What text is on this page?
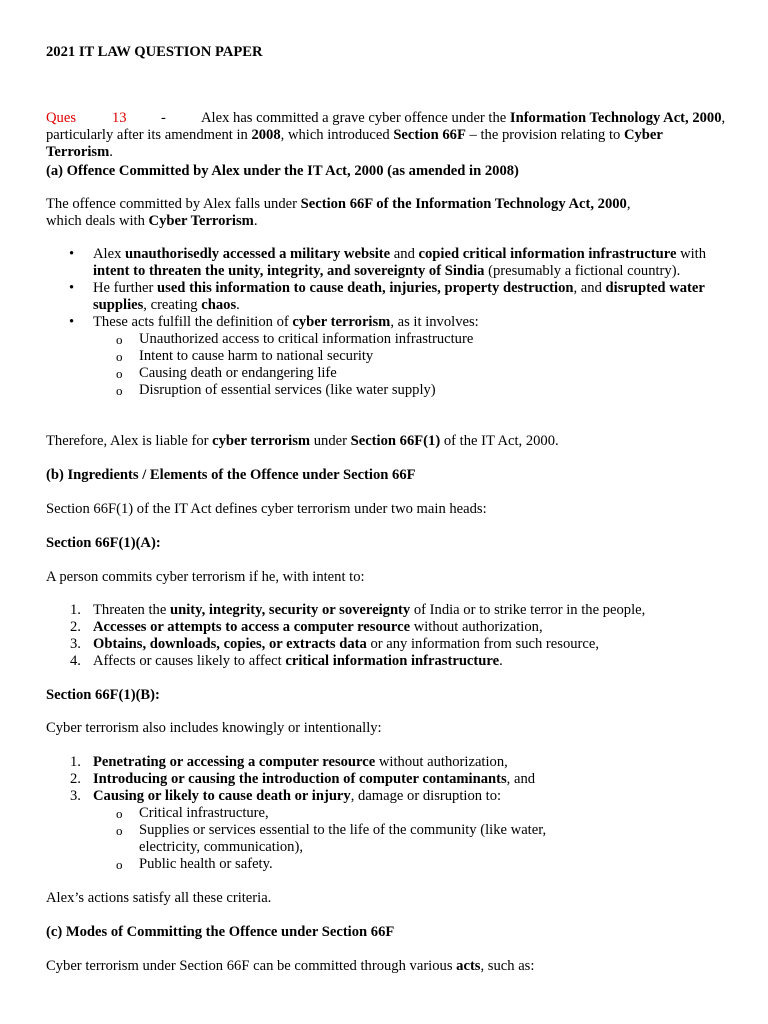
2021 IT LAW QUESTION PAPER

Ques 13 - Alex has committed a grave cyber offence under the Information Technology Act, 2000, particularly after its amendment in 2008, which introduced Section 66F – the provision relating to Cyber Terrorism.

(a) Offence Committed by Alex under the IT Act, 2000 (as amended in 2008)

The offence committed by Alex falls under Section 66F of the Information Technology Act, 2000, which deals with Cyber Terrorism.

• Alex unauthorisedly accessed a military website and copied critical information infrastructure with intent to threaten the unity, integrity, and sovereignty of Sindia (presumably a fictional country).
• He further used this information to cause death, injuries, property destruction, and disrupted water supplies, creating chaos.
• These acts fulfill the definition of cyber terrorism, as it involves:
o Unauthorized access to critical information infrastructure
o Intent to cause harm to national security
o Causing death or endangering life
o Disruption of essential services (like water supply)

Therefore, Alex is liable for cyber terrorism under Section 66F(1) of the IT Act, 2000.

(b) Ingredients / Elements of the Offence under Section 66F

Section 66F(1) of the IT Act defines cyber terrorism under two main heads:

Section 66F(1)(A):

A person commits cyber terrorism if he, with intent to:

1. Threaten the unity, integrity, security or sovereignty of India or to strike terror in the people,
2. Accesses or attempts to access a computer resource without authorization,
3. Obtains, downloads, copies, or extracts data or any information from such resource,
4. Affects or causes likely to affect critical information infrastructure.

Section 66F(1)(B):

Cyber terrorism also includes knowingly or intentionally:

1. Penetrating or accessing a computer resource without authorization,
2. Introducing or causing the introduction of computer contaminants, and
3. Causing or likely to cause death or injury, damage or disruption to:
o Critical infrastructure,
o Supplies or services essential to the life of the community (like water, electricity, communication),
o Public health or safety.

Alex’s actions satisfy all these criteria.

(c) Modes of Committing the Offence under Section 66F

Cyber terrorism under Section 66F can be committed through various acts, such as:
